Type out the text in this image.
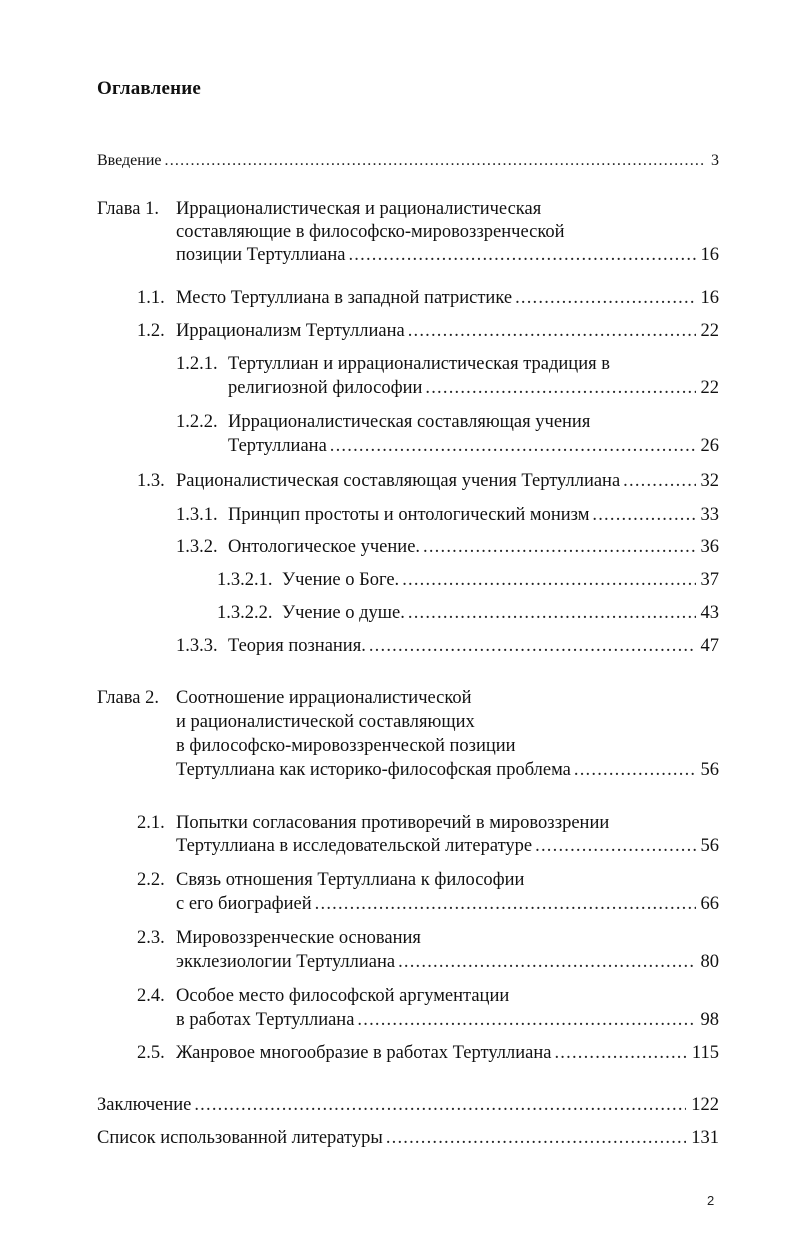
Оглавление
Введение .....	3
Глава 1. Иррационалистическая и рационалистическая
составляющие в философско-мировоззренческой
позиции Тертуллиана .....	16
1.1. Место Тертуллиана в западной патристике .....	16
1.2. Иррационализм Тертуллиана .....	22
1.2.1. Тертуллиан и иррационалистическая традиция в
религиозной философии .....	22
1.2.2. Иррационалистическая составляющая учения
Тертуллиана .....	26
1.3. Рационалистическая составляющая учения Тертуллиана .....	32
1.3.1. Принцип простоты и онтологический монизм .....	33
1.3.2. Онтологическое учение. .....	36
1.3.2.1. Учение о Боге. .....	37
1.3.2.2. Учение о душе. .....	43
1.3.3. Теория познания. .....	47
Глава 2. Соотношение иррационалистической
и рационалистической составляющих
в философско-мировоззренческой позиции
Тертуллиана как историко-философская проблема .....	56
2.1. Попытки согласования противоречий в мировоззрении
Тертуллиана в исследовательской литературе .....	56
2.2. Связь отношения Тертуллиана к философии
с его биографией .....	66
2.3. Мировоззренческие основания
экклезиологии Тертуллиана .....	80
2.4. Особое место философской аргументации
в работах Тертуллиана .....	98
2.5. Жанровое многообразие в работах Тертуллиана .....	115
Заключение .....	122
Список использованной литературы .....	131
2
